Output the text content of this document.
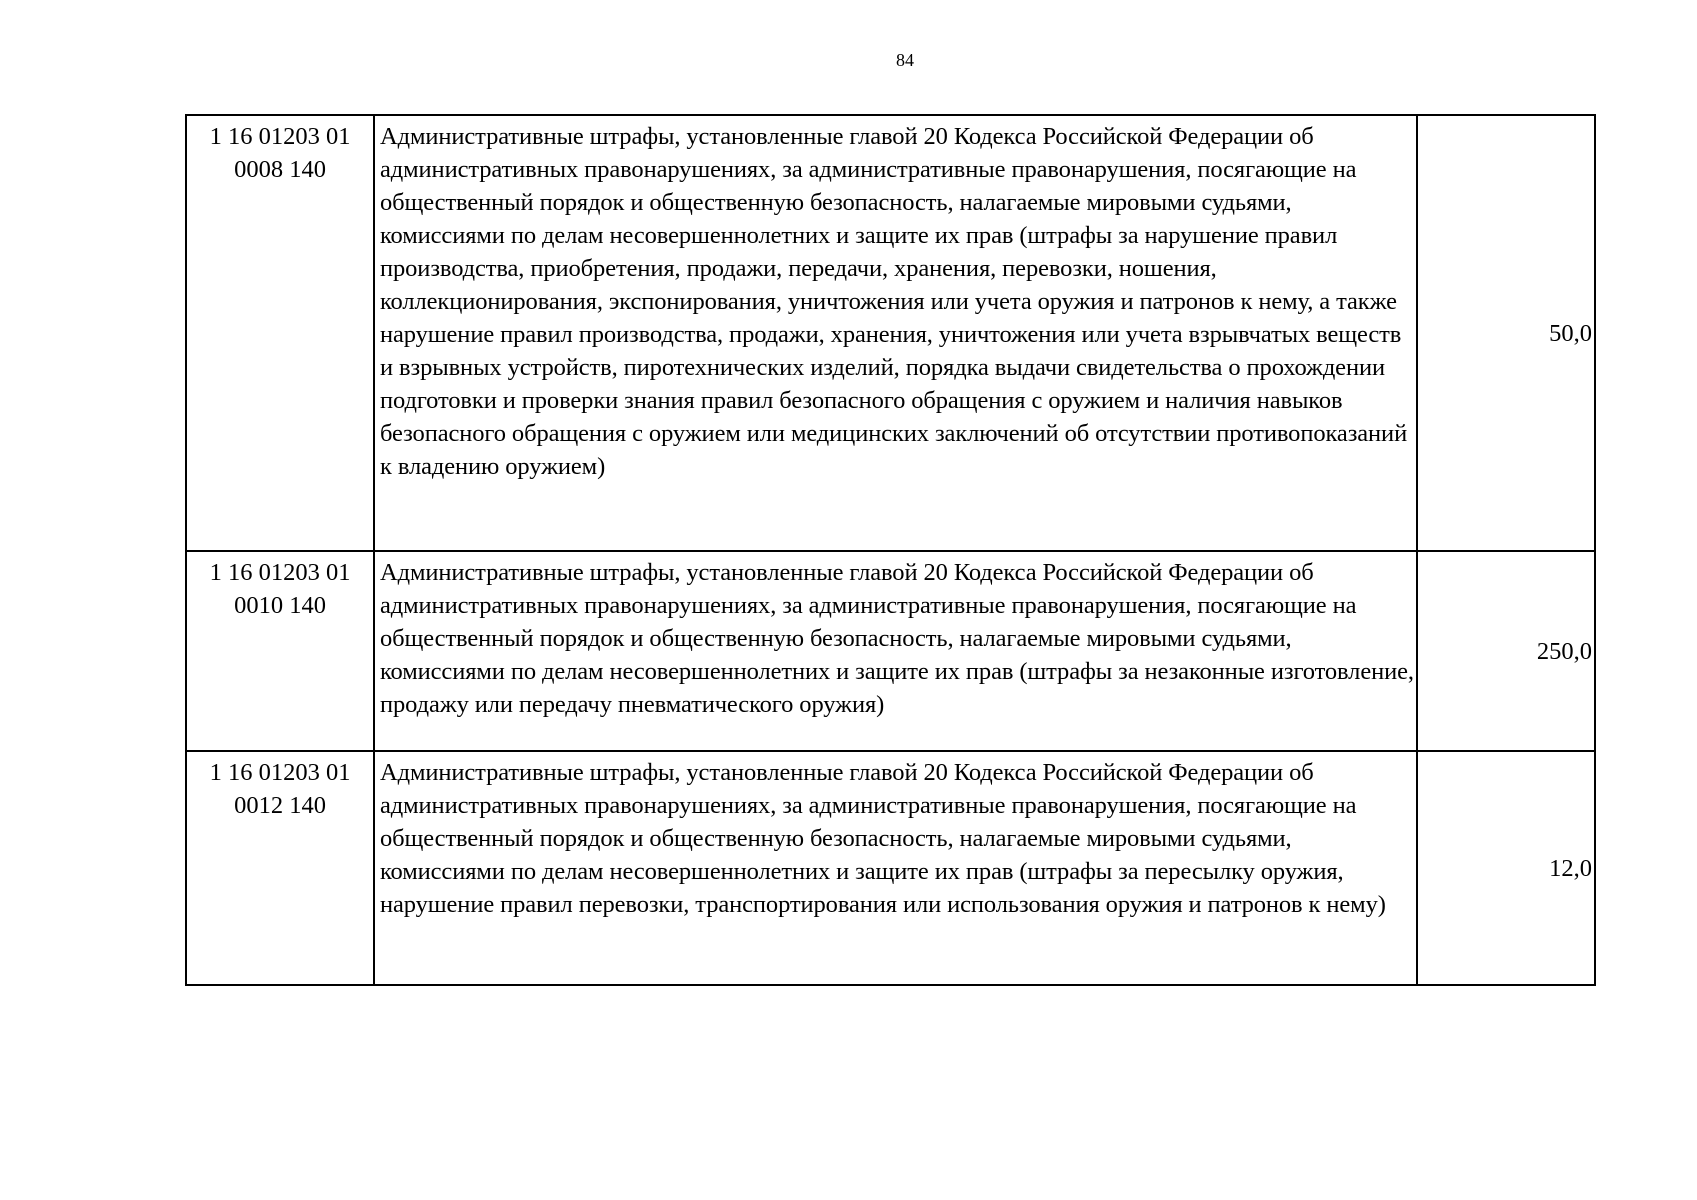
84
1 16 01203 01
0008 140	Административные штрафы, установленные главой 20 Кодекса Российской Федерации об административных правонарушениях, за административные правонарушения, посягающие на общественный порядок и общественную безопасность, налагаемые мировыми судьями, комиссиями по делам несовершеннолетних и защите их прав (штрафы за нарушение правил производства, приобретения, продажи, передачи, хранения, перевозки, ношения, коллекционирования, экспонирования, уничтожения или учета оружия и патронов к нему, а также нарушение правил производства, продажи, хранения, уничтожения или учета взрывчатых веществ и взрывных устройств, пиротехнических изделий, порядка выдачи свидетельства о прохождении подготовки и проверки знания правил безопасного обращения с оружием и наличия навыков безопасного обращения с оружием или медицинских заключений об отсутствии противопоказаний к владению оружием)	50,0

1 16 01203 01
0010 140	Административные штрафы, установленные главой 20 Кодекса Российской Федерации об административных правонарушениях, за административные правонарушения, посягающие на общественный порядок и общественную безопасность, налагаемые мировыми судьями, комиссиями по делам несовершеннолетних и защите их прав (штрафы за незаконные изготовление, продажу или передачу пневматического оружия)	250,0

1 16 01203 01
0012 140	Административные штрафы, установленные главой 20 Кодекса Российской Федерации об административных правонарушениях, за административные правонарушения, посягающие на общественный порядок и общественную безопасность, налагаемые мировыми судьями, комиссиями по делам несовершеннолетних и защите их прав (штрафы за пересылку оружия, нарушение правил перевозки, транспортирования или использования оружия и патронов к нему)	12,0
